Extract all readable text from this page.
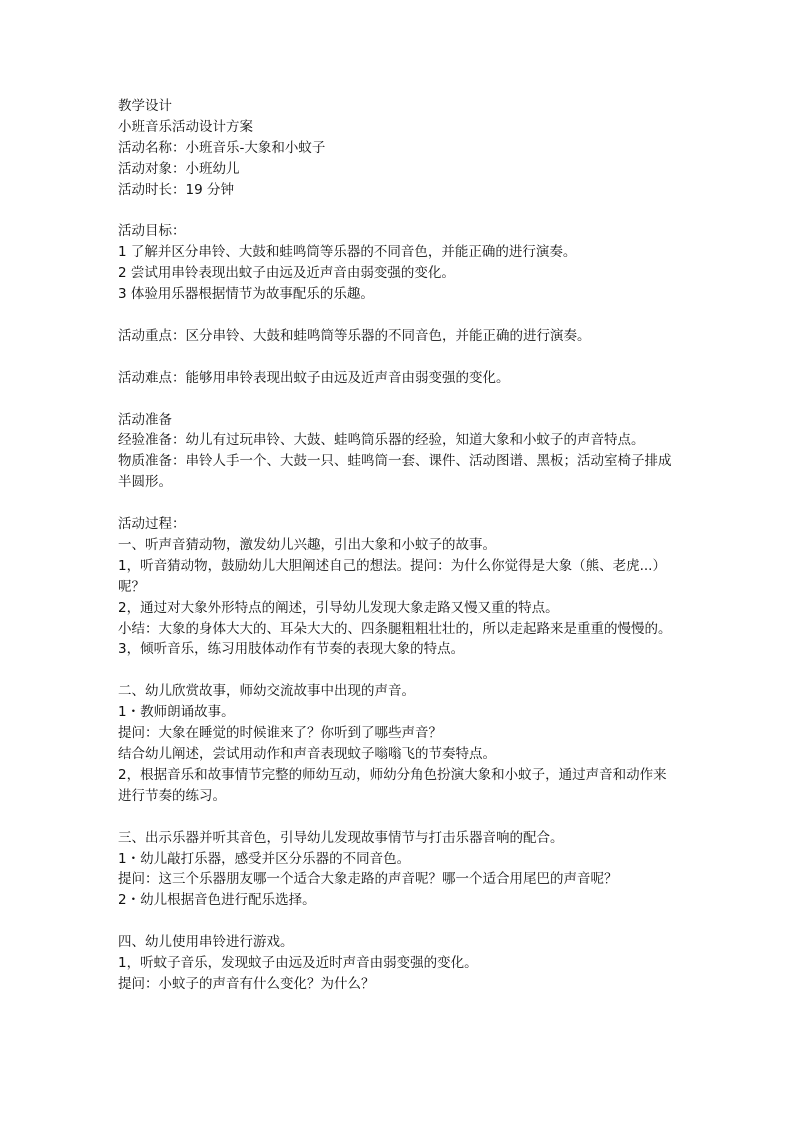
教学设计
小班音乐活动设计方案
活动名称：小班音乐-大象和小蚊子
活动对象：小班幼儿
活动时长：19 分钟
活动目标：
1 了解并区分串铃、大鼓和蛙鸣筒等乐器的不同音色，并能正确的进行演奏。
2 尝试用串铃表现出蚊子由远及近声音由弱变强的变化。
3 体验用乐器根据情节为故事配乐的乐趣。
活动重点：区分串铃、大鼓和蛙鸣筒等乐器的不同音色，并能正确的进行演奏。
活动难点：能够用串铃表现出蚊子由远及近声音由弱变强的变化。
活动准备
经验准备：幼儿有过玩串铃、大鼓、蛙鸣筒乐器的经验，知道大象和小蚊子的声音特点。
物质准备：串铃人手一个、大鼓一只、蛙鸣筒一套、课件、活动图谱、黑板；活动室椅子排成半圆形。
活动过程：
一、听声音猜动物，激发幼儿兴趣，引出大象和小蚊子的故事。
1，听音猜动物，鼓励幼儿大胆阐述自己的想法。提问：为什么你觉得是大象（熊、老虎...）呢？
2，通过对大象外形特点的阐述，引导幼儿发现大象走路又慢又重的特点。
小结：大象的身体大大的、耳朵大大的、四条腿粗粗壮壮的，所以走起路来是重重的慢慢的。
3，倾听音乐，练习用肢体动作有节奏的表现大象的特点。
二、幼儿欣赏故事，师幼交流故事中出现的声音。
1・教师朗诵故事。
提问：大象在睡觉的时候谁来了？你听到了哪些声音？
结合幼儿阐述，尝试用动作和声音表现蚊子嗡嗡飞的节奏特点。
2，根据音乐和故事情节完整的师幼互动，师幼分角色扮演大象和小蚊子，通过声音和动作来进行节奏的练习。
三、出示乐器并听其音色，引导幼儿发现故事情节与打击乐器音响的配合。
1・幼儿敲打乐器，感受并区分乐器的不同音色。
提问：这三个乐器朋友哪一个适合大象走路的声音呢？哪一个适合用尾巴的声音呢？
2・幼儿根据音色进行配乐选择。
四、幼儿使用串铃进行游戏。
1，听蚊子音乐，发现蚊子由远及近时声音由弱变强的变化。
提问：小蚊子的声音有什么变化？为什么？
